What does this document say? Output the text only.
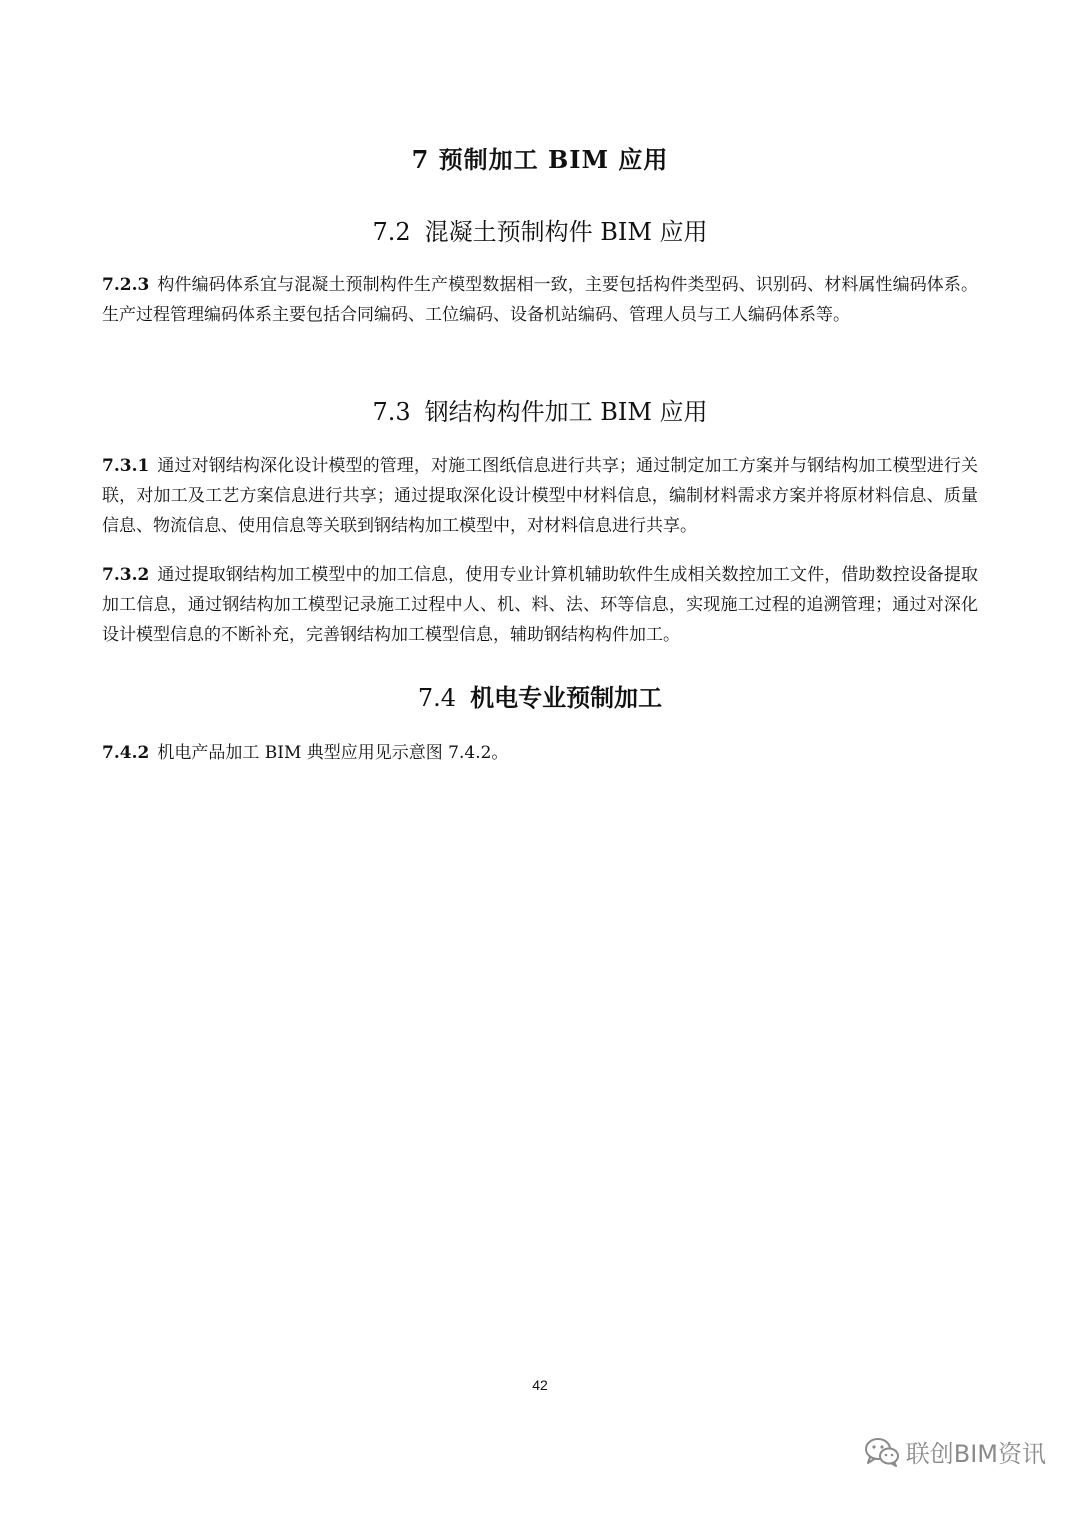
7 预制加工 BIM 应用
7.2 混凝土预制构件 BIM 应用

7.2.3 构件编码体系宜与混凝土预制构件生产模型数据相一致，主要包括构件类型码、识别码、材料属性编码体系。生产过程管理编码体系主要包括合同编码、工位编码、设备机站编码、管理人员与工人编码体系等。

7.3 钢结构构件加工 BIM 应用

7.3.1 通过对钢结构深化设计模型的管理，对施工图纸信息进行共享；通过制定加工方案并与钢结构加工模型进行关联，对加工及工艺方案信息进行共享；通过提取深化设计模型中材料信息，编制材料需求方案并将原材料信息、质量信息、物流信息、使用信息等关联到钢结构加工模型中，对材料信息进行共享。

7.3.2 通过提取钢结构加工模型中的加工信息，使用专业计算机辅助软件生成相关数控加工文件，借助数控设备提取加工信息，通过钢结构加工模型记录施工过程中人、机、料、法、环等信息，实现施工过程的追溯管理；通过对深化设计模型信息的不断补充，完善钢结构加工模型信息，辅助钢结构构件加工。

7.4 机电专业预制加工

7.4.2 机电产品加工 BIM 典型应用见示意图 7.4.2。

42
联创BIM资讯
